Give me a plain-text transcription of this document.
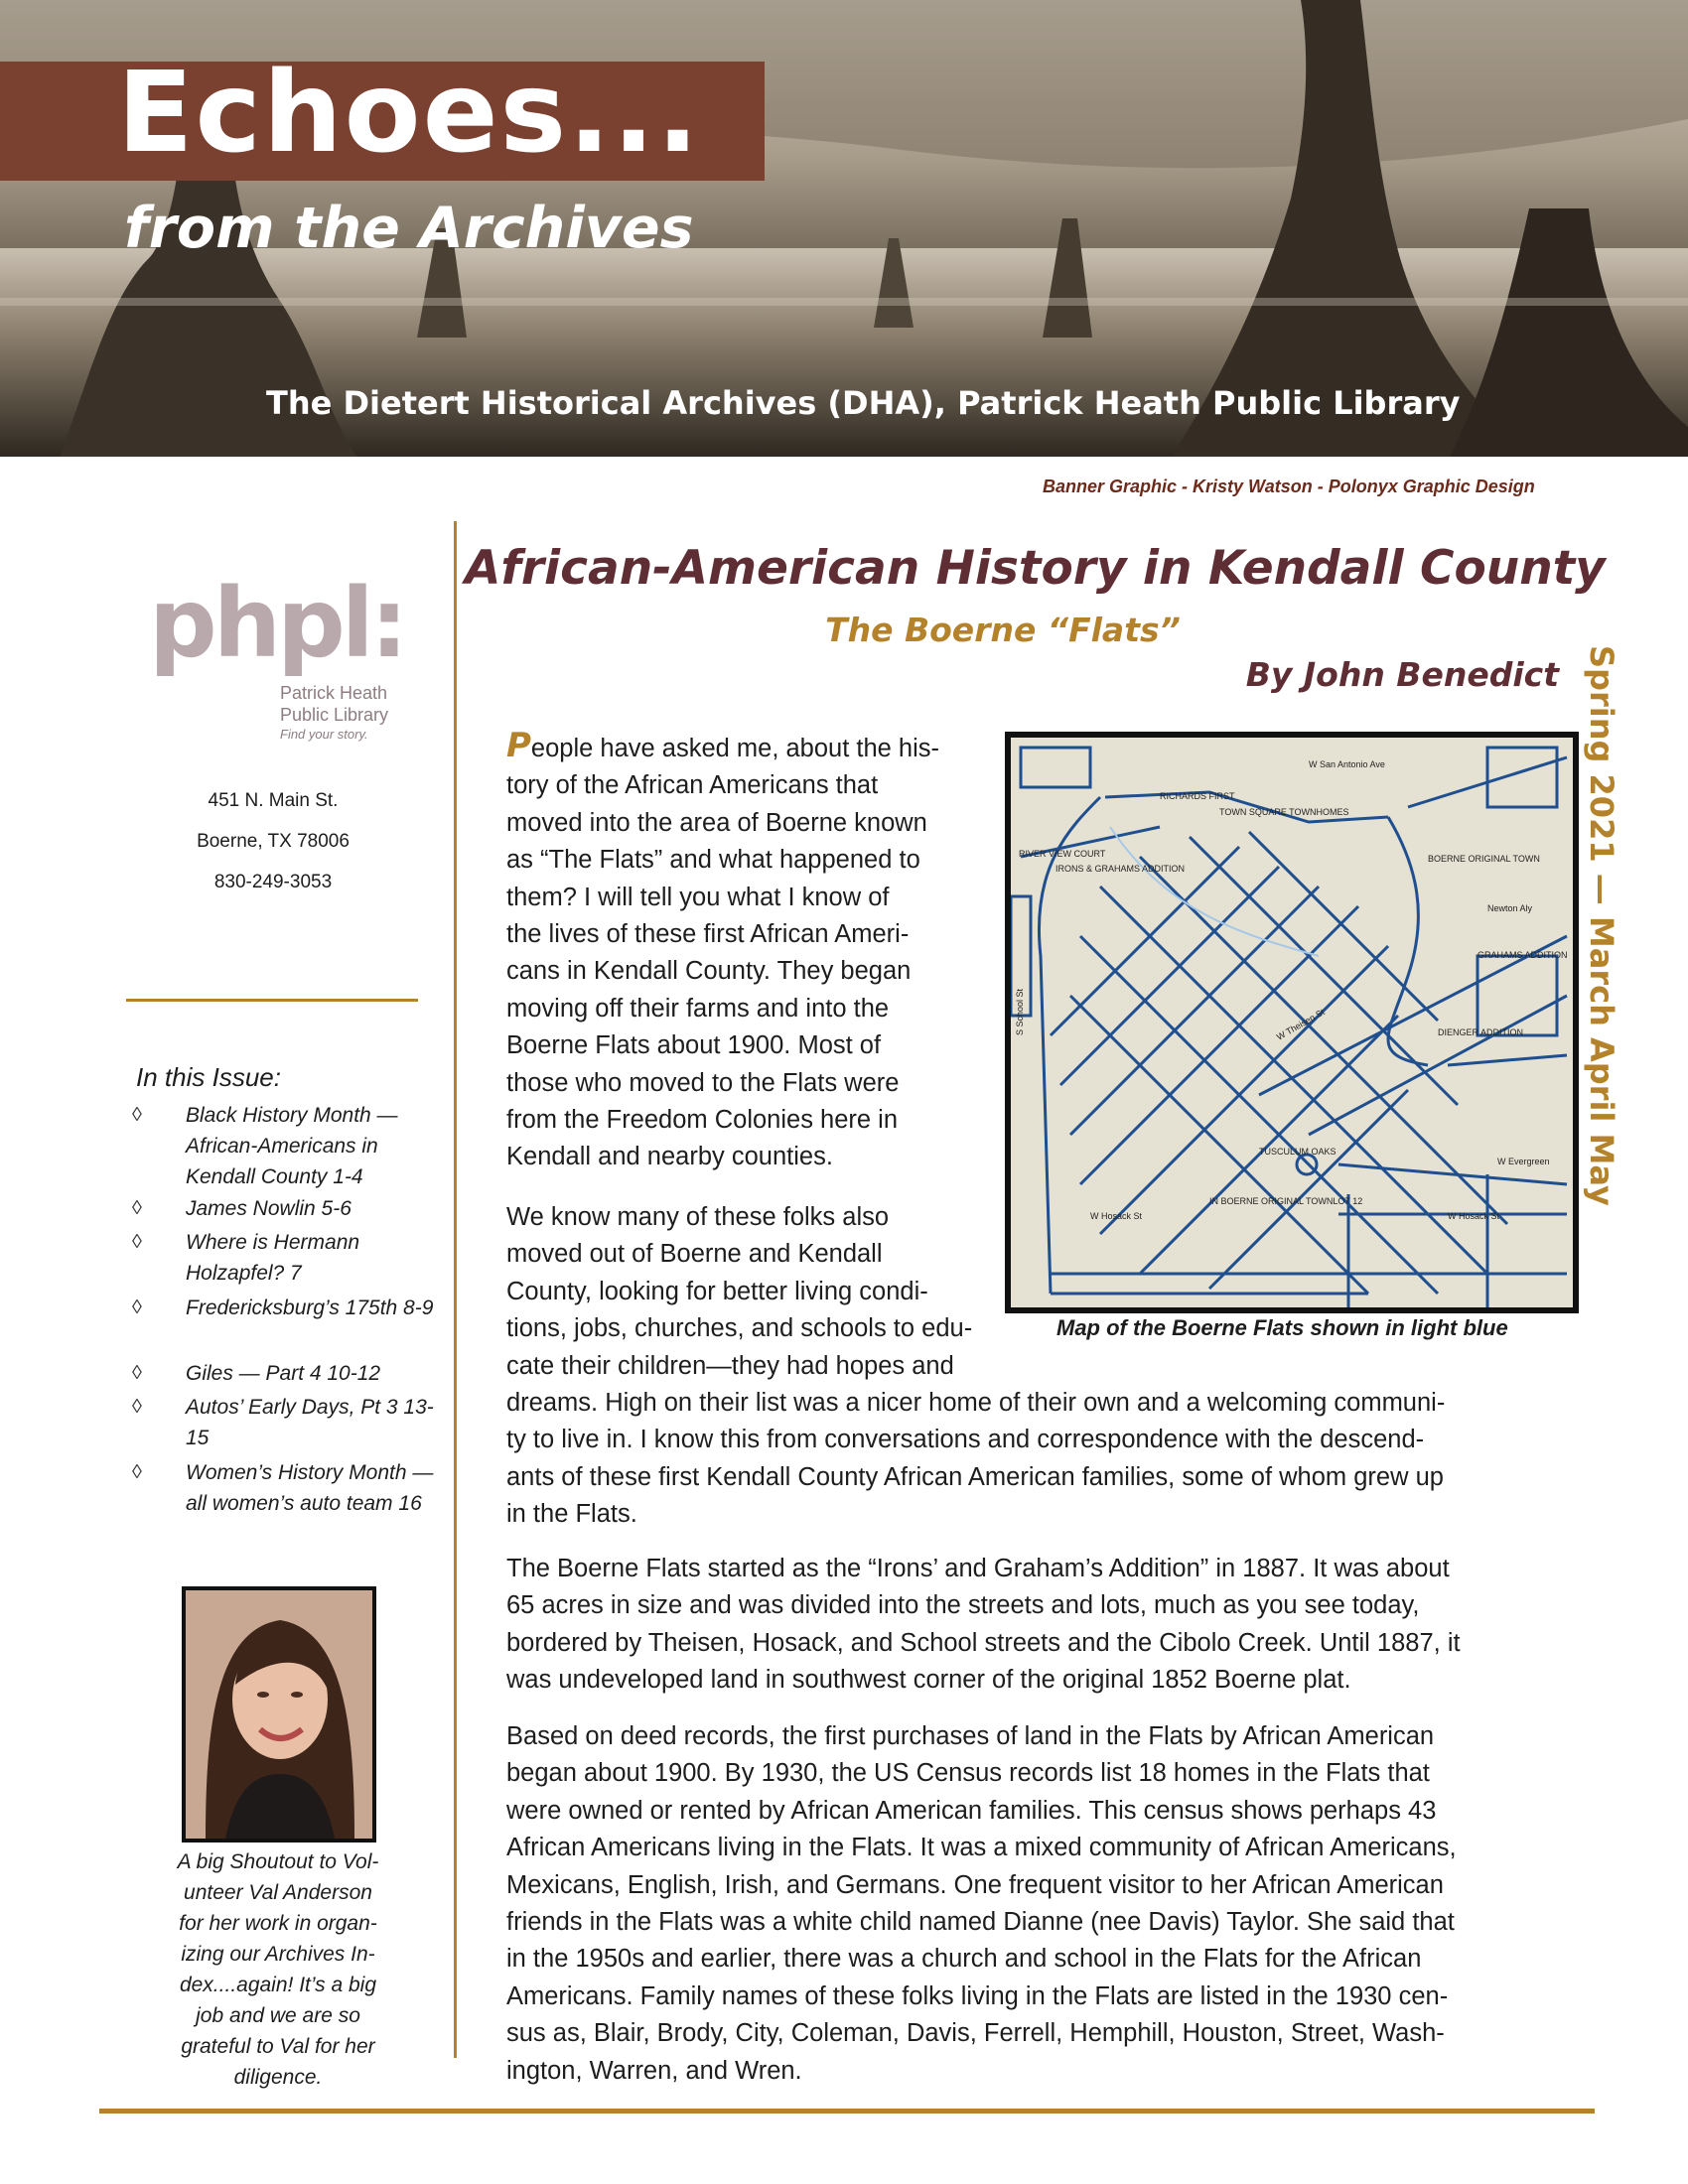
Echoes...
from the Archives
The Dietert Historical Archives (DHA), Patrick Heath Public Library
Banner Graphic - Kristy Watson - Polonyx Graphic Design
phpl:
Patrick Heath
Public Library
Find your story.
451 N. Main St.
Boerne, TX 78006
830-249-3053
In this Issue:
◊ Black History Month — African-Americans in Kendall County 1-4
◊ James Nowlin 5-6
◊ Where is Hermann Holzapfel? 7
◊ Fredericksburg’s 175th 8-9
◊ Giles — Part 4 10-12
◊ Autos’ Early Days, Pt 3 13-15
◊ Women’s History Month — all women’s auto team 16
A big Shoutout to Vol-
unteer Val Anderson
for her work in organ-
izing our Archives In-
dex....again! It’s a big
job and we are so
grateful to Val for her
diligence.
African-American History in Kendall County
The Boerne “Flats”
By John Benedict Spring 2021 — March April May
People have asked me, about the his-
tory of the African Americans that
moved into the area of Boerne known
as “The Flats” and what happened to
them? I will tell you what I know of
the lives of these first African Ameri-
cans in Kendall County. They began
moving off their farms and into the
Boerne Flats about 1900. Most of
those who moved to the Flats were
from the Freedom Colonies here in
Kendall and nearby counties.
We know many of these folks also
moved out of Boerne and Kendall
County, looking for better living condi-
tions, jobs, churches, and schools to edu-
cate their children—they had hopes and
dreams. High on their list was a nicer home of their own and a welcoming communi-
ty to live in. I know this from conversations and correspondence with the descend-
ants of these first Kendall County African American families, some of whom grew up
in the Flats.
The Boerne Flats started as the “Irons’ and Graham’s Addition” in 1887. It was about
65 acres in size and was divided into the streets and lots, much as you see today,
bordered by Theisen, Hosack, and School streets and the Cibolo Creek. Until 1887, it
was undeveloped land in southwest corner of the original 1852 Boerne plat.
Based on deed records, the first purchases of land in the Flats by African American
began about 1900. By 1930, the US Census records list 18 homes in the Flats that
were owned or rented by African American families. This census shows perhaps 43
African Americans living in the Flats. It was a mixed community of African Americans,
Mexicans, English, Irish, and Germans. One frequent visitor to her African American
friends in the Flats was a white child named Dianne (nee Davis) Taylor. She said that
in the 1950s and earlier, there was a church and school in the Flats for the African
Americans. Family names of these folks living in the Flats are listed in the 1930 cen-
sus as, Blair, Brody, City, Coleman, Davis, Ferrell, Hemphill, Houston, Street, Wash-
ington, Warren, and Wren.
RICHARDS FIRST
TOWN SQUARE TOWNHOMES
RIVER VIEW COURT
IRONS & GRAHAMS ADDITION
BOERNE ORIGINAL TOWN
Newton Aly
GRAHAMS ADDITION
DIENGER ADDITION
TUSCULUM OAKS
W Evergreen
W Theisen St
IN BOERNE ORIGINAL TOWNLOT 12
W Hosack St	W Hosack St
S School St
W San Antonio Ave
Map of the Boerne Flats shown in light blue
